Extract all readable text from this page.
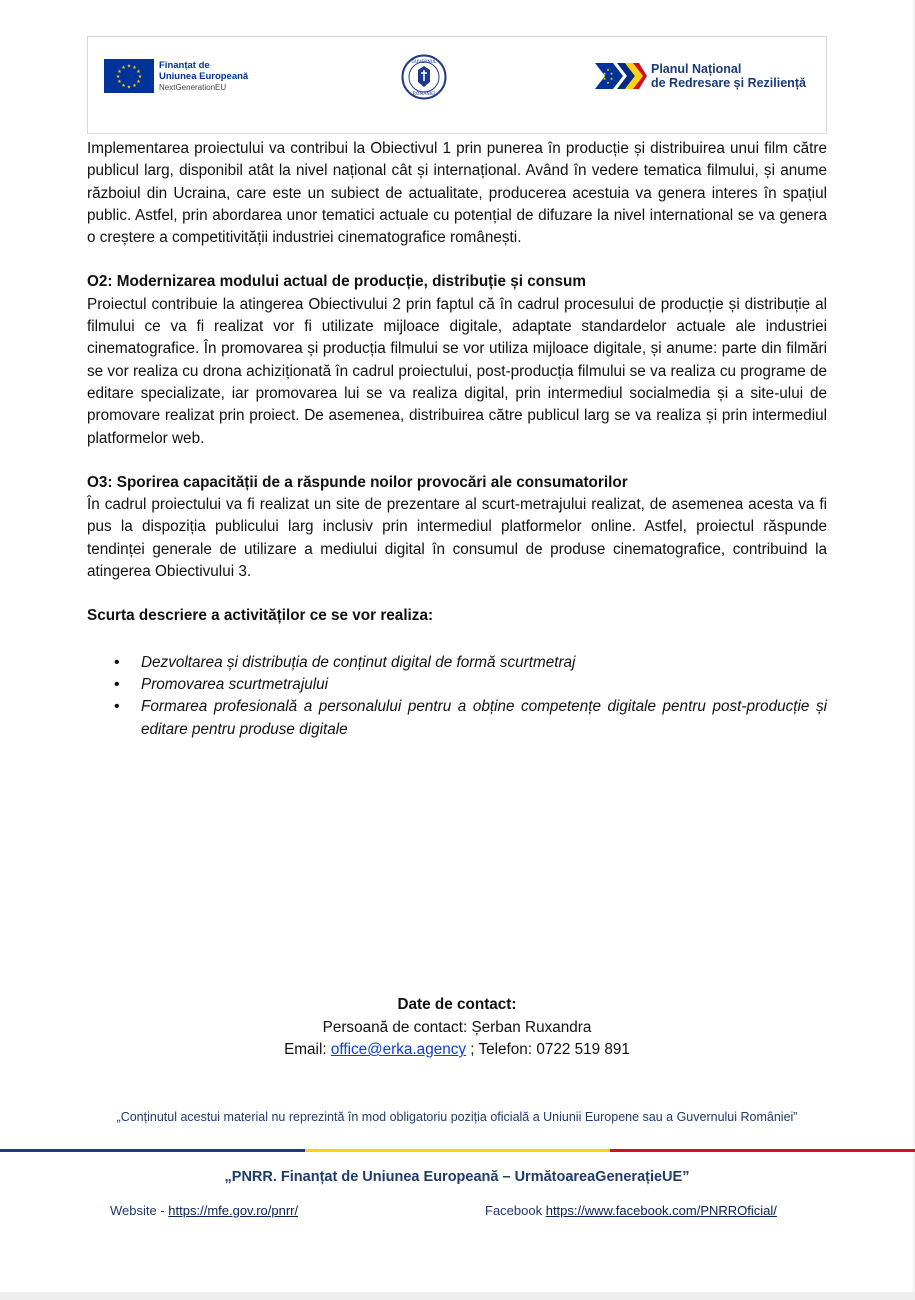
★ ★
★
★
★
★
★
★
★
★
★
★	Finanțat de
Uniunea Europeană
NextGenerationEU
GUVERNUL
ROMÂNIEI
★
★
★
★
★
★	Planul Național
de Redresare și Reziliență

Implementarea proiectului va contribui la Obiectivul 1 prin punerea în producție și distribuirea unui film către publicul larg, disponibil atât la nivel național cât și internațional. Având în vedere tematica filmului, și anume războiul din Ucraina, care este un subiect de actualitate, producerea acestuia va genera interes în spațiul public. Astfel, prin abordarea unor tematici actuale cu potențial de difuzare la nivel international se va genera o creștere a competitivității industriei cinematografice românești.

O2: Modernizarea modului actual de producție, distribuție și consum

Proiectul contribuie la atingerea Obiectivului 2 prin faptul că în cadrul procesului de producție și distribuție al filmului ce va fi realizat vor fi utilizate mijloace digitale, adaptate standardelor actuale ale industriei cinematografice. În promovarea și producția filmului se vor utiliza mijloace digitale, și anume: parte din filmări se vor realiza cu drona achiziționată în cadrul proiectului, post-producția filmului se va realiza cu programe de editare specializate, iar promovarea lui se va realiza digital, prin intermediul socialmedia și a site-ului de promovare realizat prin proiect. De asemenea, distribuirea către publicul larg se va realiza și prin intermediul platformelor web.

O3: Sporirea capacității de a răspunde noilor provocări ale consumatorilor

În cadrul proiectului va fi realizat un site de prezentare al scurt-metrajului realizat, de asemenea acesta va fi pus la dispoziția publicului larg inclusiv prin intermediul platformelor online. Astfel, proiectul răspunde tendinței generale de utilizare a mediului digital în consumul de produse cinematografice, contribuind la atingerea Obiectivului 3.

Scurta descriere a activităților ce se vor realiza:

• Dezvoltarea și distribuția de conținut digital de formă scurtmetraj
• Promovarea scurtmetrajului
• Formarea profesională a personalului pentru a obține competențe digitale pentru post-producție și editare pentru produse digitale
Date de contact:
Persoană de contact: Șerban Ruxandra
Email: office@erka.agency ; Telefon: 0722 519 891
„Conținutul acestui material nu reprezintă în mod obligatoriu poziția oficială a Uniunii Europene sau a Guvernului României”
„PNRR. Finanțat de Uniunea Europeană – UrmătoareaGenerațieUE”
Website - https://mfe.gov.ro/pnrr/	Facebook https://www.facebook.com/PNRROficial/
